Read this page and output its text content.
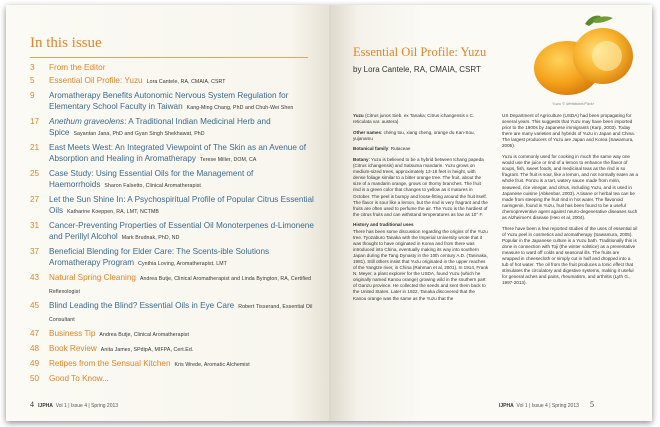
In this issue
3	From the Editor
5	Essential Oil Profile: Yuzu Lora Cantele, RA, CMAIA, CSRT
9	Aromatherapy Benefits Autonomic Nervous System Regulation for Elementary School Faculty in Taiwan Kang-Ming Chang, PhD and Chuh-Wei Shen
17	Anethum graveolens: A Traditional Indian Medicinal Herb and Spice Sayantan Jana, PhD and Gyan Singh Shekhawat, PhD
21	East Meets West: An Integrated Viewpoint of The Skin as an Avenue of Absorption and Healing in Aromatherapy Terese Miller, DOM, CA
25	Case Study: Using Essential Oils for the Management of Haemorrhoids Sharon Falsetto, Clinical Aromatherapist
27	Let the Sun Shine In: A Psychospiritual Profile of Popular Citrus Essential Oils Katharine Koeppen, RA, LMT, NCTMB
31	Cancer-Preventing Properties of Essential Oil Monoterpenes d-Limonene and Perillyl Alcohol Mark Brudnak, PhD, ND
37	Beneficial Blending for Elder Care: The Scents-ible Solutions Aromatherapy Program Cynthia Loving, Aromatherapist, LMT
43	Natural Spring Cleaning Andrea Butje, Clinical Aromatherapist and Linda Byington, RA, Certified Reflexologist
45	Blind Leading the Blind? Essential Oils in Eye Care Robert Tisserand, Essential Oil Consultant
47	Business Tip Andrea Butje, Clinical Aromatherapist
48	Book Review Anita James, SPdipA, MIFPA, Cert.Ed.
49	Retipes from the Sensual Kitchen Kris Wrede, Aromatic Alchemist
50	Good To Know...
4 IJPHA Vol 1 | Issue 4 | Spring 2013
Yuzu © Meltdown/Flickr
Essential Oil Profile: Yuzu
by Lora Cantele, RA, CMAIA, CSRT

Yuzu (Citrus junos Sieb. ex Tanaka; Citrus ichangensis x C. reticulata var. austera)

Other names: chéng tou, xiang cheng, orange du Kan-Sou, yujanamu

Botanical family: Rutaceae

Botany: Yuzu is believed to be a hybrid between Ichang papeda (Citrus ichangensis) and Satsuma mandarin. Yuzu grows on medium-sized trees, approximately 13-18 feet in height, with dense foliage similar to a bitter orange tree. The fruit, about the size of a mandarin orange, grows on thorny branches. The fruit rind is a green color that changes to yellow as it matures in October. The peel is bumpy and loose-fitting around the fruit itself. The flavor is sour like a lemon, but the rind is very fragrant and the fruits are often used to perfume the air. The Yuzu is the hardiest of the citrus fruits and can withstand temperatures as low as 10° F.

History and traditional uses

There has been some discussion regarding the origins of the Yuzu tree. Tyozaburo Tanaka with the Imperial University wrote that it was thought to have originated in Korea and from there was introduced into China, eventually making its way into southern Japan during the Tang Dynasty in the 10th century A.D. (Taninaka, 1981). Still others insist that Yuzu originated in the upper reaches of the Yangtze river, in China (Rahman et al, 2001). In 1914, Frank N. Meyer, a plant explorer for the USDA, found Yuzu (which he originally named Kanou orange) growing wild in the southern part of Ganzu province. He collected the seeds and sent them back to the United States. Later in 1922, Tanaka discovered that the Kanou orange was the same as the Yuzu that the

US Department of Agriculture (USDA) had been propagating for several years. This suggests that Yuzu may have been imported prior to the 1900s by Japanese immigrants (Karp, 2003). Today there are many varieties and hybrids of Yuzu in Japan and China. The largest producers of Yuzu are Japan and Korea (Sawamura, 2005).

Yuzu is commonly used for cooking in much the same way one would use the juice or rind of a lemon to enhance the flavor of soups, fish, sweet foods, and medicinal teas as the rind is so fragrant. The fruit is sour, like a lemon, and not normally eaten as a whole fruit. Ponzu is a tart, watery sauce made from mirin, seaweed, rice vinegar, and citrus, including Yuzu, and is used in Japanese cuisine (Abkenbar, 2003). A tisane or herbal tea can be made from steeping the fruit rind in hot water. The flavonoid naringenin, found in Yuzu, fruit has been found to be a useful chemopreventive agent against neuro-degenerative diseases such as Alzheimer's disease (Heo et al, 2004).

There have been a few reported studies of the uses of essential oil of Yuzu peel in cosmetics and aromatherapy (Sawamura, 2005). Popular in the Japanese culture is a Yuzu bath. Traditionally this is done in connection with Toji (the winter solstice) as a preventative measure to ward off colds and seasonal ills. The fruits are wrapped in cheesecloth or simply cut in half and dropped into a tub of hot water. The oil from the fruit produces a tonic effect that stimulates the circulatory and digestive systems, making it useful for general aches and pains, rheumatism, and arthritis (Lyth G., 1997-2013).

IJPHA Vol 1 | Issue 4 | Spring 2013 5
